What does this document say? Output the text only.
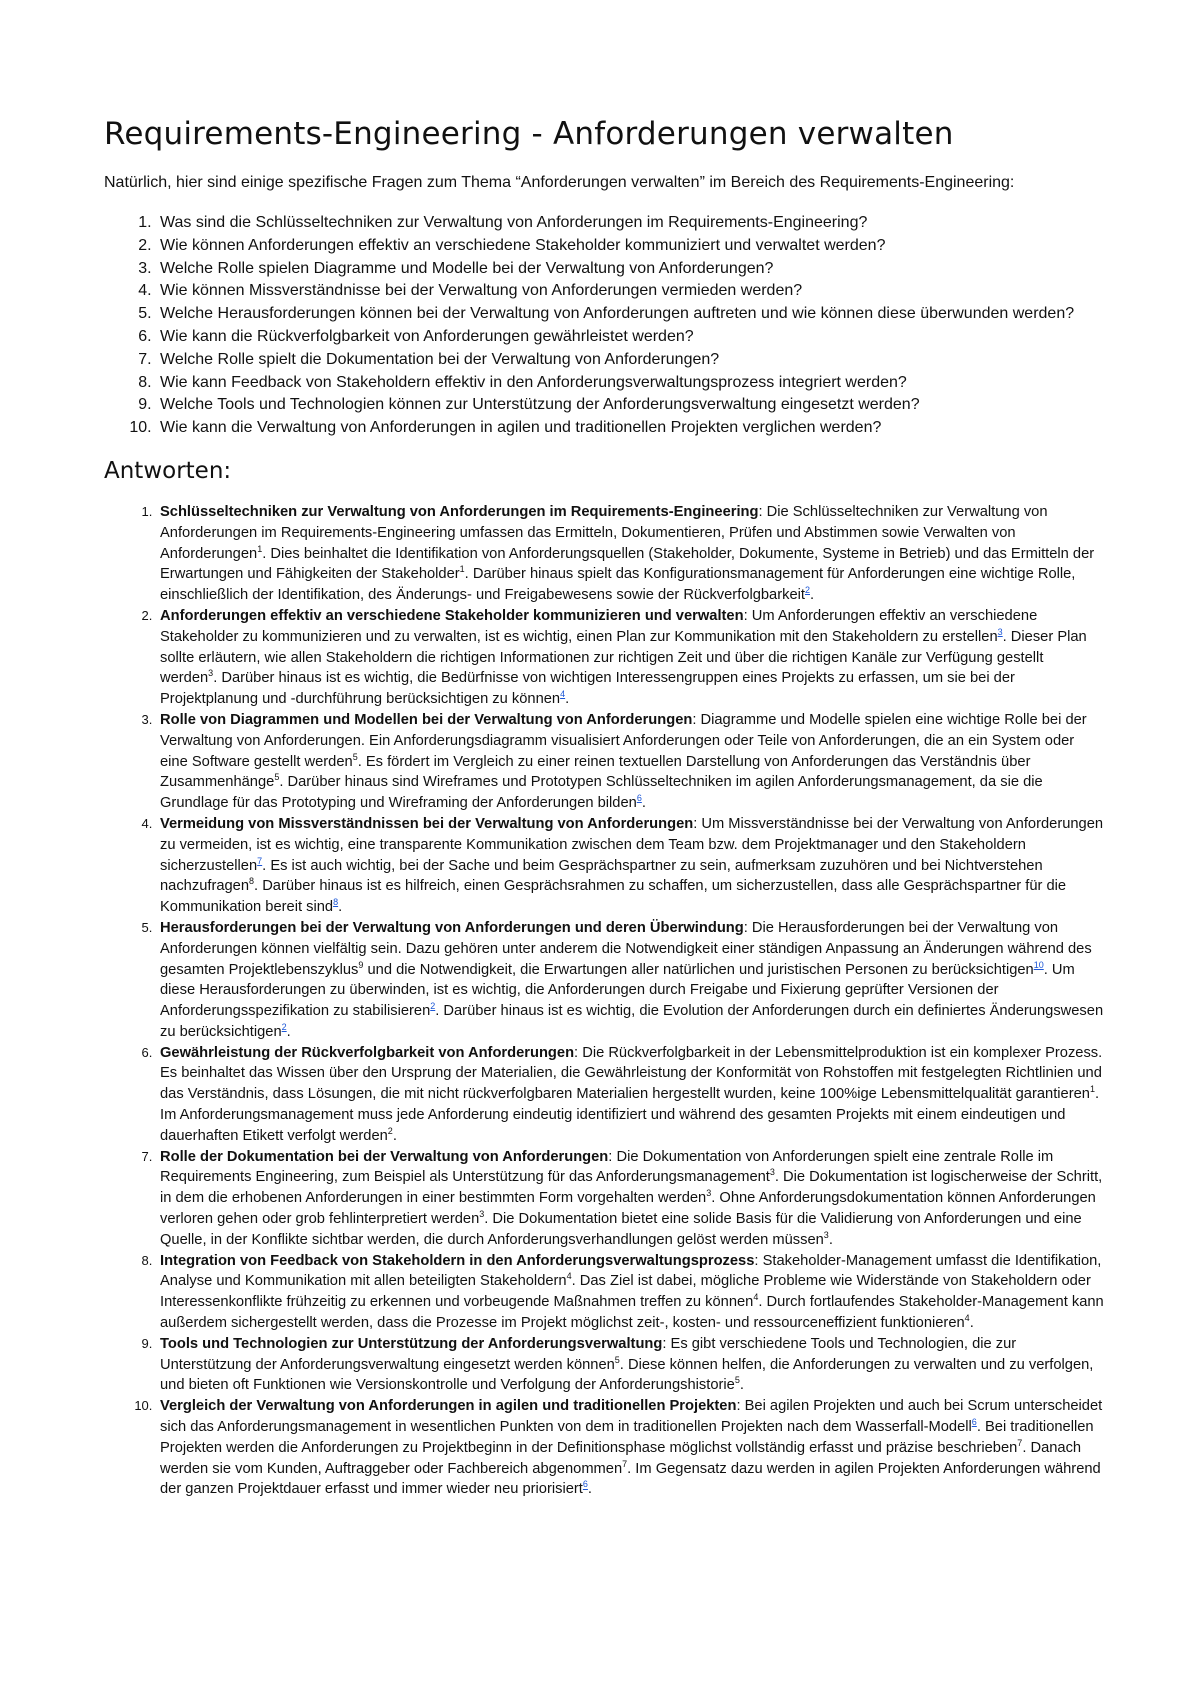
Requirements-Engineering - Anforderungen verwalten

Natürlich, hier sind einige spezifische Fragen zum Thema “Anforderungen verwalten” im Bereich des Requirements-Engineering:

1. Was sind die Schlüsseltechniken zur Verwaltung von Anforderungen im Requirements-Engineering?
2. Wie können Anforderungen effektiv an verschiedene Stakeholder kommuniziert und verwaltet werden?
3. Welche Rolle spielen Diagramme und Modelle bei der Verwaltung von Anforderungen?
4. Wie können Missverständnisse bei der Verwaltung von Anforderungen vermieden werden?
5. Welche Herausforderungen können bei der Verwaltung von Anforderungen auftreten und wie können diese überwunden werden?
6. Wie kann die Rückverfolgbarkeit von Anforderungen gewährleistet werden?
7. Welche Rolle spielt die Dokumentation bei der Verwaltung von Anforderungen?
8. Wie kann Feedback von Stakeholdern effektiv in den Anforderungsverwaltungsprozess integriert werden?
9. Welche Tools und Technologien können zur Unterstützung der Anforderungsverwaltung eingesetzt werden?
10. Wie kann die Verwaltung von Anforderungen in agilen und traditionellen Projekten verglichen werden?
Antworten:
1. Schlüsseltechniken zur Verwaltung von Anforderungen im Requirements-Engineering: Die Schlüsseltechniken zur Verwaltung von Anforderungen im Requirements-Engineering umfassen das Ermitteln, Dokumentieren, Prüfen und Abstimmen sowie Verwalten von Anforderungen$^1$. Dies beinhaltet die Identifikation von Anforderungsquellen (Stakeholder, Dokumente, Systeme in Betrieb) und das Ermitteln der Erwartungen und Fähigkeiten der Stakeholder$^1$. Darüber hinaus spielt das Konfigurationsmanagement für Anforderungen eine wichtige Rolle, einschließlich der Identifikation, des Änderungs- und Freigabewesens sowie der Rückverfolgbarkeit$^2$.
2. Anforderungen effektiv an verschiedene Stakeholder kommunizieren und verwalten: Um Anforderungen effektiv an verschiedene Stakeholder zu kommunizieren und zu verwalten, ist es wichtig, einen Plan zur Kommunikation mit den Stakeholdern zu erstellen$^3$. Dieser Plan sollte erläutern, wie allen Stakeholdern die richtigen Informationen zur richtigen Zeit und über die richtigen Kanäle zur Verfügung gestellt werden$^3$. Darüber hinaus ist es wichtig, die Bedürfnisse von wichtigen Interessengruppen eines Projekts zu erfassen, um sie bei der Projektplanung und -durchführung berücksichtigen zu können$^4$.
3. Rolle von Diagrammen und Modellen bei der Verwaltung von Anforderungen: Diagramme und Modelle spielen eine wichtige Rolle bei der Verwaltung von Anforderungen. Ein Anforderungsdiagramm visualisiert Anforderungen oder Teile von Anforderungen, die an ein System oder eine Software gestellt werden$^5$. Es fördert im Vergleich zu einer reinen textuellen Darstellung von Anforderungen das Verständnis über Zusammenhänge$^5$. Darüber hinaus sind Wireframes und Prototypen Schlüsseltechniken im agilen Anforderungsmanagement, da sie die Grundlage für das Prototyping und Wireframing der Anforderungen bilden$^6$.
4. Vermeidung von Missverständnissen bei der Verwaltung von Anforderungen: Um Missverständnisse bei der Verwaltung von Anforderungen zu vermeiden, ist es wichtig, eine transparente Kommunikation zwischen dem Team bzw. dem Projektmanager und den Stakeholdern sicherzustellen$^7$. Es ist auch wichtig, bei der Sache und beim Gesprächspartner zu sein, aufmerksam zuzuhören und bei Nichtverstehen nachzufragen$^8$. Darüber hinaus ist es hilfreich, einen Gesprächsrahmen zu schaffen, um sicherzustellen, dass alle Gesprächspartner für die Kommunikation bereit sind$^8$.
5. Herausforderungen bei der Verwaltung von Anforderungen und deren Überwindung: Die Herausforderungen bei der Verwaltung von Anforderungen können vielfältig sein. Dazu gehören unter anderem die Notwendigkeit einer ständigen Anpassung an Änderungen während des gesamten Projektlebenszyklus$^9$ und die Notwendigkeit, die Erwartungen aller natürlichen und juristischen Personen zu berücksichtigen$^{10}$. Um diese Herausforderungen zu überwinden, ist es wichtig, die Anforderungen durch Freigabe und Fixierung geprüfter Versionen der Anforderungsspezifikation zu stabilisieren$^2$. Darüber hinaus ist es wichtig, die Evolution der Anforderungen durch ein definiertes Änderungswesen zu berücksichtigen$^2$.
6. Gewährleistung der Rückverfolgbarkeit von Anforderungen: Die Rückverfolgbarkeit in der Lebensmittelproduktion ist ein komplexer Prozess. Es beinhaltet das Wissen über den Ursprung der Materialien, die Gewährleistung der Konformität von Rohstoffen mit festgelegten Richtlinien und das Verständnis, dass Lösungen, die mit nicht rückverfolgbaren Materialien hergestellt wurden, keine 100%ige Lebensmittelqualität garantieren$^1$. Im Anforderungsmanagement muss jede Anforderung eindeutig identifiziert und während des gesamten Projekts mit einem eindeutigen und dauerhaften Etikett verfolgt werden$^2$.
7. Rolle der Dokumentation bei der Verwaltung von Anforderungen: Die Dokumentation von Anforderungen spielt eine zentrale Rolle im Requirements Engineering, zum Beispiel als Unterstützung für das Anforderungsmanagement$^3$. Die Dokumentation ist logischerweise der Schritt, in dem die erhobenen Anforderungen in einer bestimmten Form vorgehalten werden$^3$. Ohne Anforderungsdokumentation können Anforderungen verloren gehen oder grob fehlinterpretiert werden$^3$. Die Dokumentation bietet eine solide Basis für die Validierung von Anforderungen und eine Quelle, in der Konflikte sichtbar werden, die durch Anforderungsverhandlungen gelöst werden müssen$^3$.
8. Integration von Feedback von Stakeholdern in den Anforderungsverwaltungsprozess: Stakeholder-Management umfasst die Identifikation, Analyse und Kommunikation mit allen beteiligten Stakeholdern$^4$. Das Ziel ist dabei, mögliche Probleme wie Widerstände von Stakeholdern oder Interessenkonflikte frühzeitig zu erkennen und vorbeugende Maßnahmen treffen zu können$^4$. Durch fortlaufendes Stakeholder-Management kann außerdem sichergestellt werden, dass die Prozesse im Projekt möglichst zeit-, kosten- und ressourceneffizient funktionieren$^4$.
9. Tools und Technologien zur Unterstützung der Anforderungsverwaltung: Es gibt verschiedene Tools und Technologien, die zur Unterstützung der Anforderungsverwaltung eingesetzt werden können$^5$. Diese können helfen, die Anforderungen zu verwalten und zu verfolgen, und bieten oft Funktionen wie Versionskontrolle und Verfolgung der Anforderungshistorie$^5$.
10. Vergleich der Verwaltung von Anforderungen in agilen und traditionellen Projekten: Bei agilen Projekten und auch bei Scrum unterscheidet sich das Anforderungsmanagement in wesentlichen Punkten von dem in traditionellen Projekten nach dem Wasserfall-Modell$^6$. Bei traditionellen Projekten werden die Anforderungen zu Projektbeginn in der Definitionsphase möglichst vollständig erfasst und präzise beschrieben$^7$. Danach werden sie vom Kunden, Auftraggeber oder Fachbereich abgenommen$^7$. Im Gegensatz dazu werden in agilen Projekten Anforderungen während der ganzen Projektdauer erfasst und immer wieder neu priorisiert$^6$.
